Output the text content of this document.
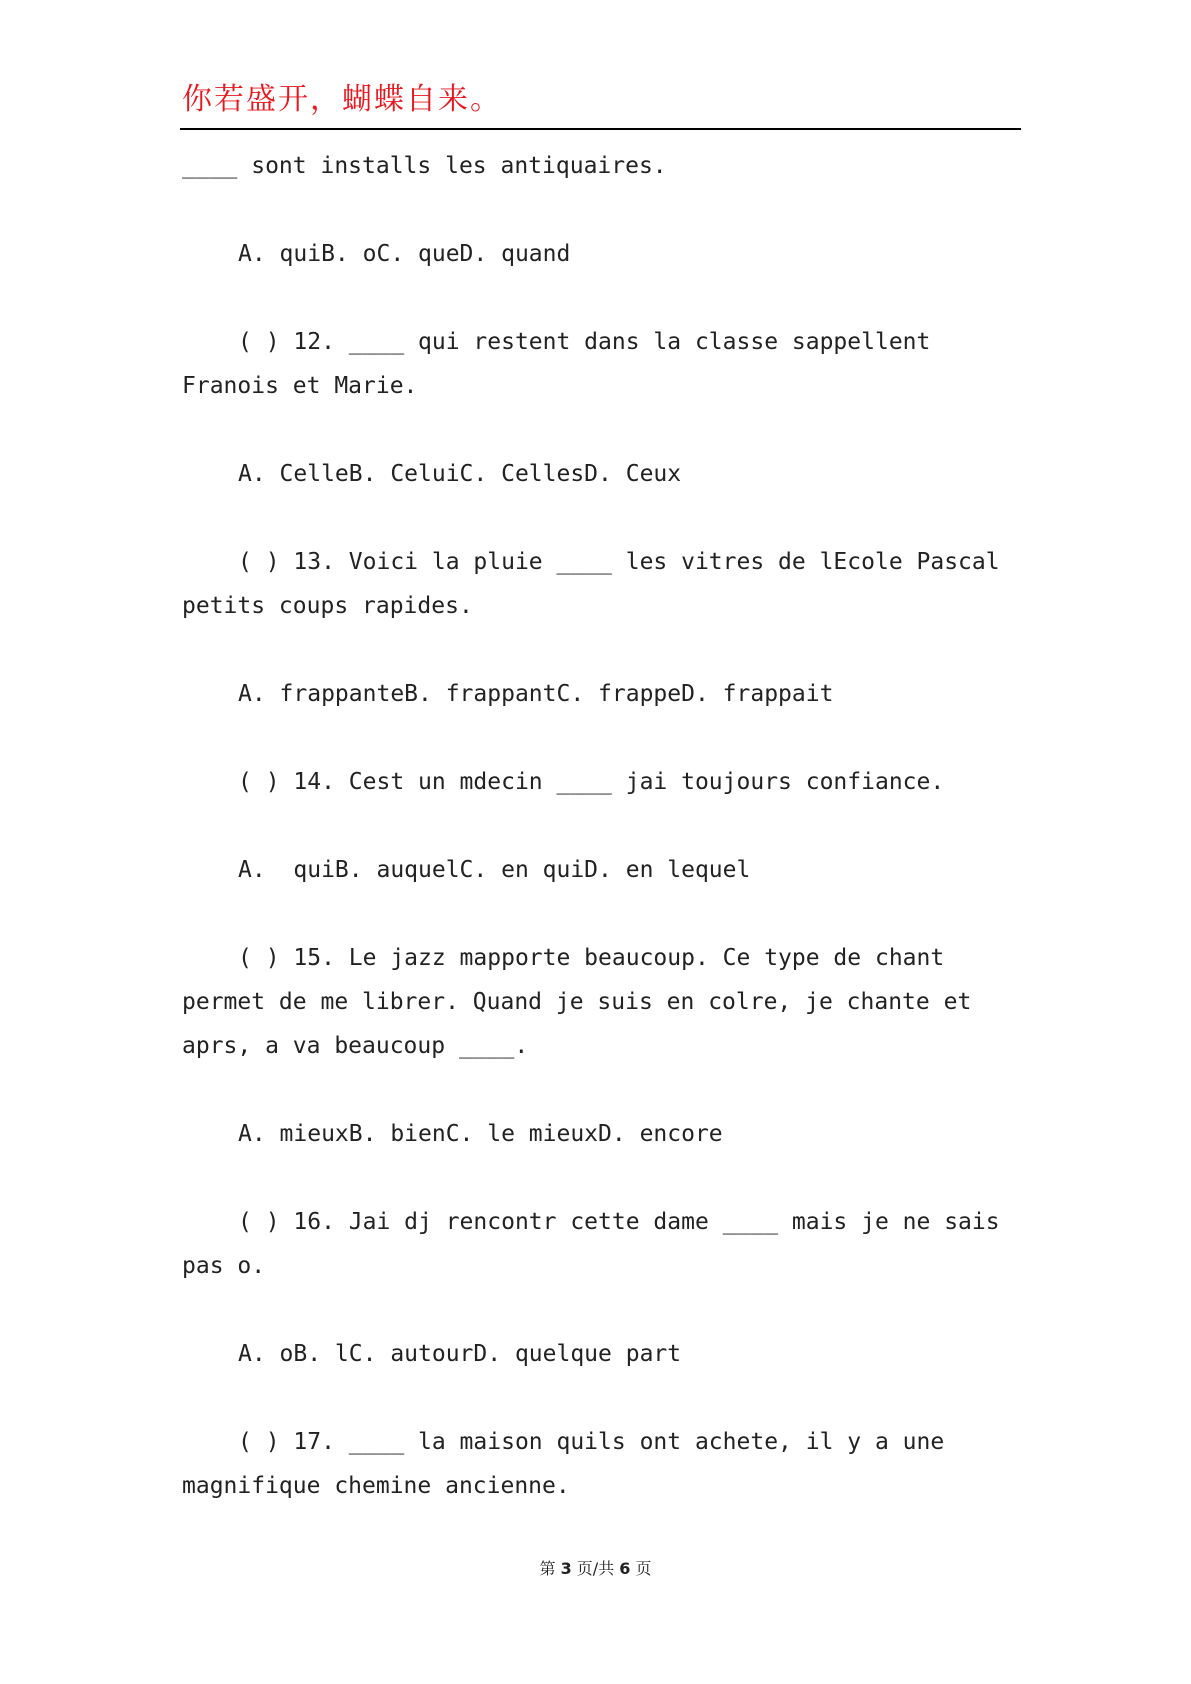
你若盛开，蝴蝶自来。

____ sont installs les antiquaires.

A. quiB. oC. queD. quand

( ) 12. ____ qui restent dans la classe sappellent Franois et Marie.

A. CelleB. CeluiC. CellesD. Ceux

( ) 13. Voici la pluie ____ les vitres de lEcole Pascal petits coups rapides.

A. frappanteB. frappantC. frappeD. frappait

( ) 14. Cest un mdecin ____ jai toujours confiance.

A.  quiB. auquelC. en quiD. en lequel

( ) 15. Le jazz mapporte beaucoup. Ce type de chant permet de me librer. Quand je suis en colre, je chante et aprs, a va beaucoup ____.

A. mieuxB. bienC. le mieuxD. encore

( ) 16. Jai dj rencontr cette dame ____ mais je ne sais pas o.

A. oB. lC. autourD. quelque part

( ) 17. ____ la maison quils ont achete, il y a une magnifique chemine ancienne.

第 3 页/共 6 页
